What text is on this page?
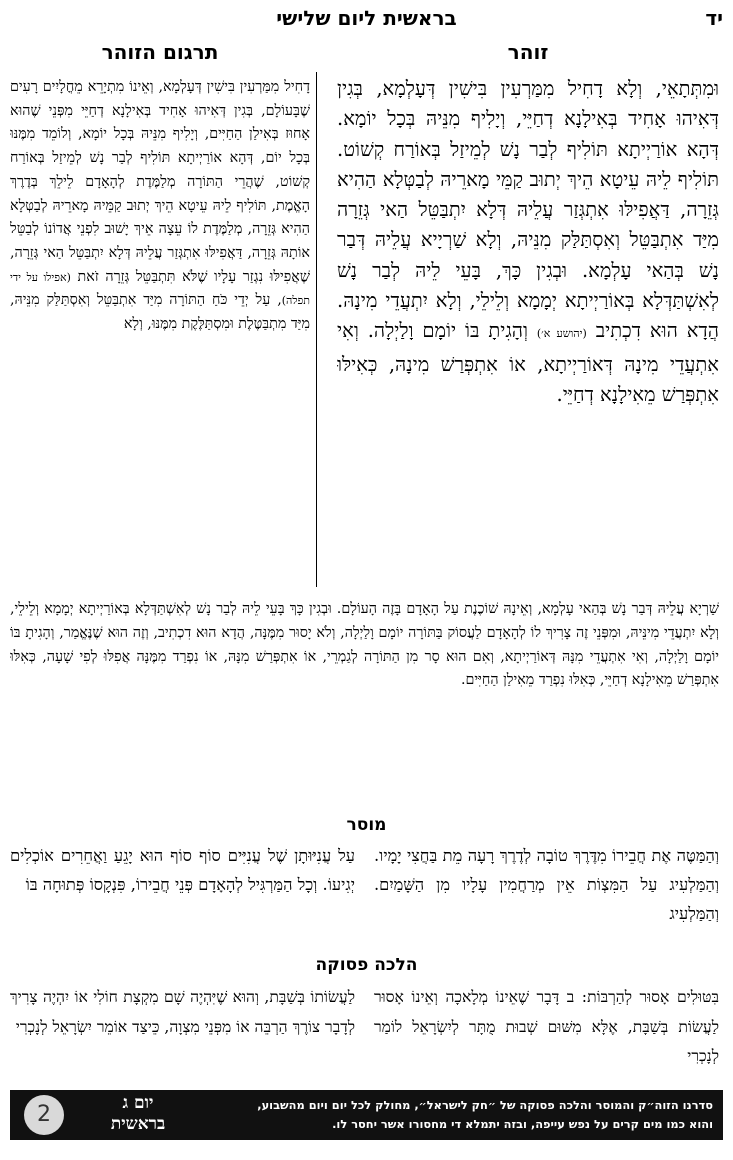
יד
בראשית ליום שלישי
זוהר
תרגום הזוהר
וּמִתְּתָאֵי, וְלָא דָחִיל מִמַּרְעִין בִּישִׁין דְּעָלְמָא, בְּגִין דְּאִיהוּ אָחִיד בְּאִילָנָא דְחַיֵּי, וְיָלִיף מִנֵּיהּ בְּכָל יוֹמָא. דְּהָא אוֹרַיְיתָא תּוֹלִיף לְבַר נָשׁ לְמֵיזַל בְּאוֹרַח קְשׁוֹט. תּוֹלִיף לֵיהּ עֵיטָא הֵיךְ יְתוּב קַמֵּי מָארֵיהּ לְבַטְּלָא הַהִיא גְּזֵרָה, דַּאֲפִילּוּ אִתְגְּזַר עֲלֵיהּ דְּלָא יִתְבַּטֵּל הַאי גְּזֵרָה מִיַּד אִתְבַּטֵּל וְאִסְתַּלַּק מִנֵּיהּ, וְלָא שַׁרְיָיא עֲלֵיהּ דְּבַר נָשׁ בְּהַאי עָלְמָא. וּבְגִין כָּךְ, בָּעֵי לֵיהּ לְבַר נָשׁ לְאִשְׁתַּדְּלָא בְּאוֹרַיְיתָא יְמָמָא וְלֵילֵי, וְלָא יִתְעֲדֵי מִינָהּ. הֲדָא הוּא דִכְתִיב (יהושע א׳) וְהָגִיתָ בּוֹ יוֹמָם וָלַיְלָה. וְאִי אִתְעֲדֵי מִינָהּ דְּאוֹרַיְיתָא, אוֹ אִתְפְּרַשׁ מִינָהּ, כְּאִילּוּ אִתְפְּרַשׁ מֵאִילָנָא דְחַיֵּי.
דָחִיל מִמַּרְעִין בִּישִׁין דְּעָלְמָא, וְאֵינוֹ מִתְיָרֵא מֵחֳלָיִים רָעִים שֶׁבָּעוֹלָם, בְּגִין דְּאִיהוּ אָחִיד בְּאִילָנָא דְחַיֵּי מִפְּנֵי שֶׁהוּא אָחוּז בְּאִילַן הַחַיִּים, וְיָלִיף מִנֵּיהּ בְּכָל יוֹמָא, וְלוֹמֵד מִמֶּנּוּ בְּכָל יוֹם, דְּהָא אוֹרַיְיתָא תּוֹלִיף לְבַר נָשׁ לְמֵיזַל בְּאוֹרַח קְשׁוֹט, שֶׁהֲרֵי הַתּוֹרָה מְלַמֶּדֶת לְהָאָדָם לֵילֵךְ בְּדֶרֶךְ הָאֱמֶת, תּוֹלִיף לֵיהּ עֵיטָא הֵיךְ יְתוּב קַמֵּיהּ מָארֵיהּ לְבַטְּלָא הַהִיא גְּזֵרָה, מְלַמֶּדֶת לוֹ עֵצָה אֵיךְ יָשׁוּב לִפְנֵי אֲדוֹנוֹ לְבַטֵּל אוֹתָהּ גְּזֵרָה, דַּאֲפִילּוּ אִתְגְּזַר עֲלֵיהּ דְּלָא יִתְבַּטֵּל הַאי גְּזֵרָה, שֶׁאֲפִילּוּ נִגְזַר עָלָיו שֶׁלֹּא תִּתְבַּטֵּל גְּזֵרָה זֹאת (אפילו על ידי תפלה), עַל יְדֵי כֹּחַ הַתּוֹרָה מִיַּד אִתְבַּטֵּל וְאִסְתַּלַּק מִנֵּיהּ, מִיַּד מִתְבַּטֶּלֶת וּמִסְתַּלֶּקֶת מִמֶּנּוּ, וְלָא
שַׁרְיָא עֲלֵיהּ דְּבַר נָשׁ בְּהַאי עָלְמָא, וְאֵינָהּ שׁוֹכֶנֶת עַל הָאָדָם בָּזֶה הָעוֹלָם. וּבְגִין כָּךְ בָּעֵי לֵיהּ לְבַר נָשׁ לְאִשְׁתַּדְּלָא בְּאוֹרַיְיתָא יְמָמָא וְלֵילֵי, וְלָא יִתְעֲדֵי מִינֵּיהּ, וּמִפְּנֵי זֶה צָרִיךְ לוֹ לְהָאָדָם לַעֲסוֹק בַּתּוֹרָה יוֹמָם וָלַיְלָה, וְלֹא יָסוּר מִמֶּנָּה, הֲדָא הוּא דִכְתִיב, וְזֶה הוּא שֶׁנֶּאֱמַר, וְהָגִיתָ בּוֹ יוֹמָם וָלַיְלָה, וְאִי אִתְעֲדֵי מִנָּהּ דְּאוֹרַיְיתָא, וְאִם הוּא סָר מִן הַתּוֹרָה לְגַמְרֵי, אוֹ אִתְפְּרַשׁ מִנָּהּ, אוֹ נִפְרַד מִמֶּנָּה אֲפִלּוּ לְפִי שָׁעָה, כְּאִלּוּ אִתְפְּרַשׁ מֵאִילָנָא דְחַיֵּי, כְּאִלּוּ נִפְרַד מֵאִילַן הַחַיִּים.
מוסר
וְהַמַּטֶּה אֶת חֲבֵירוֹ מִדֶּרֶךְ טוֹבָה לְדֶרֶךְ רָעָה מֵת בַּחֲצִי יָמָיו. וְהַמַּלְעִיג עַל הַמִּצְוֹת אֵין מְרַחֲמִין עָלָיו מִן הַשָּׁמַיִם. וְהַמַּלְעִיג
עַל עֲנִיּוּתָן שֶׁל עֲנִיִּים סוֹף סוֹף הוּא יָגֵעַ וַאֲחֵרִים אוֹכְלִים יְגִיעוֹ. וְכָל הַמַּרְגִּיל לְהָאָדָם פְּנֵי חֲבֵירוֹ, פִּנְקָסוֹ פְּתוּחָה בּוֹ
הלכה פסוקה
בִּטּוּלִים אָסוּר לְהַרְבּוֹת: ב דָּבָר שֶׁאֵינוֹ מְלָאכָה וְאֵינוֹ אָסוּר לַעֲשׂוֹת בְּשַׁבָּת, אֶלָּא מִשּׁוּם שְׁבוּת מֻתָּר לְיִשְׂרָאֵל לוֹמַר לְנָכְרִי
לַעֲשׂוֹתוֹ בְּשַׁבָּת, וְהוּא שֶׁיִּהְיֶה שָׁם מִקְצָת חוֹלִי אוֹ יִהְיֶה צָרִיךְ לְדָבָר צוֹרֶךְ הַרְבֵּה אוֹ מִפְּנֵי מִצְוָה, כֵּיצַד אוֹמֵר יִשְׂרָאֵל לְנָכְרִי
סדרנו הזוה״ק והמוסר והלכה פסוקה של ״חק לישראל״, מחולק לכל יום ויום מהשבוע,
והוא כמו מים קרים על נפש עייפה, ובזה יתמלא די מחסורו אשר יחסר לו.
יום ג
בראשית
2
